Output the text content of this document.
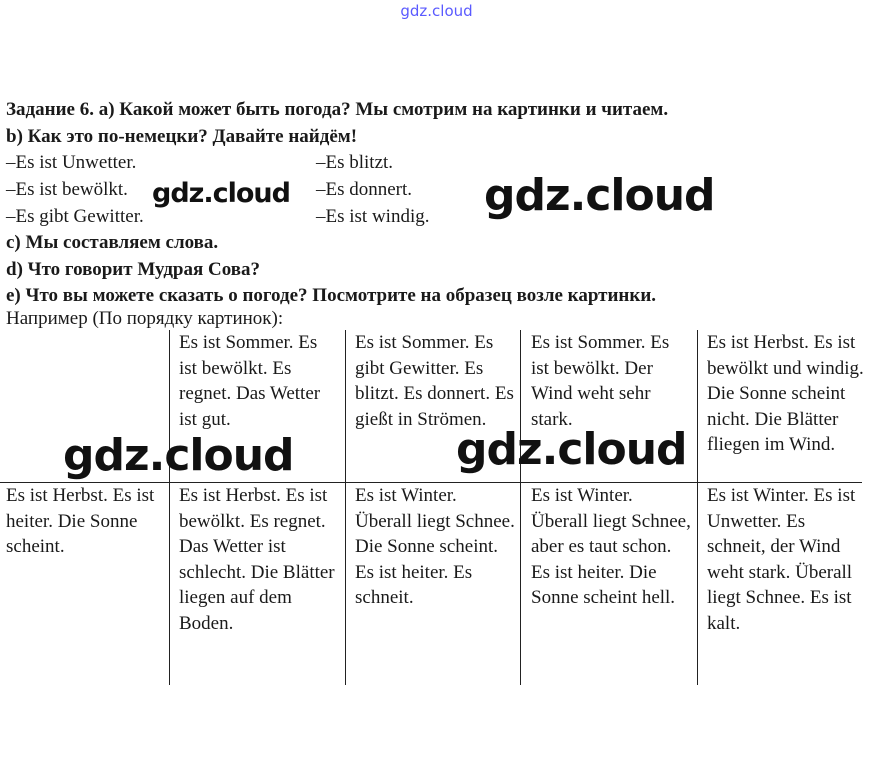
gdz.cloud
Задание 6. а) Какой может быть погода? Мы смотрим на картинки и читаем.
b) Как это по-немецки? Давайте найдём!
–Es ist Unwetter.
–Es ist bewölkt.
–Es gibt Gewitter.
–Es blitzt.
–Es donnert.
–Es ist windig.
c) Мы составляем слова.
d) Что говорит Мудрая Сова?
e) Что вы можете сказать о погоде? Посмотрите на образец возле картинки.
Например (По порядку картинок):
Es ist Sommer. Es ist bewölkt. Es regnet. Das Wetter ist gut.
Es ist Sommer. Es gibt Gewitter. Es blitzt. Es donnert. Es gießt in Strömen.
Es ist Sommer. Es ist bewölkt. Der Wind weht sehr stark.
Es ist Herbst. Es ist bewölkt und windig. Die Sonne scheint nicht. Die Blätter fliegen im Wind.
Es ist Herbst. Es ist heiter. Die Sonne scheint.
Es ist Herbst. Es ist bewölkt. Es regnet. Das Wetter ist schlecht. Die Blätter liegen auf dem Boden.
Es ist Winter. Überall liegt Schnee. Die Sonne scheint. Es ist heiter. Es schneit.
Es ist Winter. Überall liegt Schnee, aber es taut schon. Es ist heiter. Die Sonne scheint hell.
Es ist Winter. Es ist Unwetter. Es schneit, der Wind weht stark. Überall liegt Schnee. Es ist kalt.
gdz.cloud	gdz.cloud
gdz.cloud	gdz.cloud
